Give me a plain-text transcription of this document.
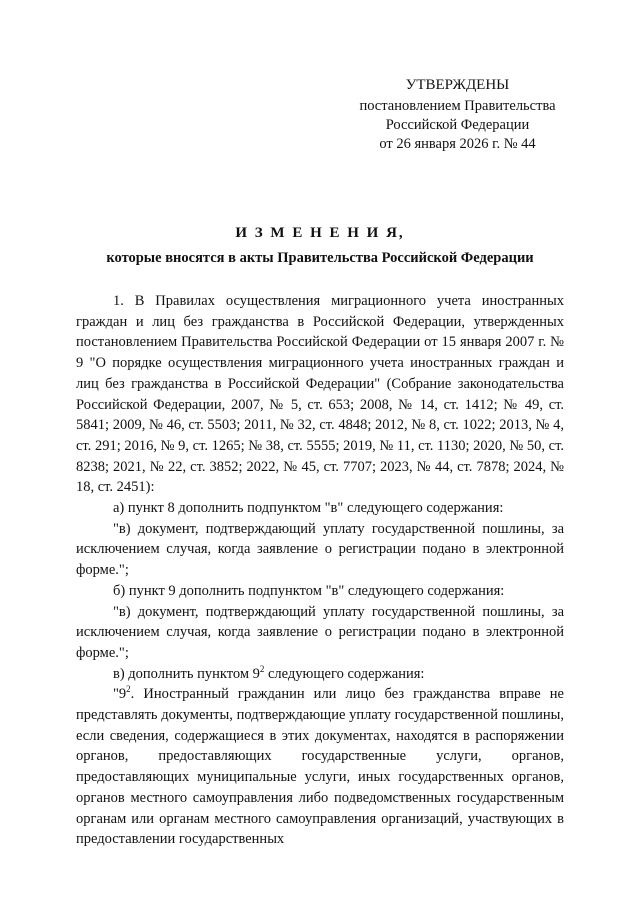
УТВЕРЖДЕНЫ
постановлением Правительства
Российской Федерации
от 26 января 2026 г. № 44
И З М Е Н Е Н И Я,
которые вносятся в акты Правительства Российской Федерации

1. В Правилах осуществления миграционного учета иностранных граждан и лиц без гражданства в Российской Федерации, утвержденных постановлением Правительства Российской Федерации от 15 января 2007 г. № 9 "О порядке осуществления миграционного учета иностранных граждан и лиц без гражданства в Российской Федерации" (Собрание законодательства Российской Федерации, 2007, № 5, ст. 653; 2008, № 14, ст. 1412; № 49, ст. 5841; 2009, № 46, ст. 5503; 2011, № 32, ст. 4848; 2012, № 8, ст. 1022; 2013, № 4, ст. 291; 2016, № 9, ст. 1265; № 38, ст. 5555; 2019, № 11, ст. 1130; 2020, № 50, ст. 8238; 2021, № 22, ст. 3852; 2022, № 45, ст. 7707; 2023, № 44, ст. 7878; 2024, № 18, ст. 2451):

а) пункт 8 дополнить подпунктом "в" следующего содержания:

"в) документ, подтверждающий уплату государственной пошлины, за исключением случая, когда заявление о регистрации подано в электронной форме.";

б) пункт 9 дополнить подпунктом "в" следующего содержания:

"в) документ, подтверждающий уплату государственной пошлины, за исключением случая, когда заявление о регистрации подано в электронной форме.";

в) дополнить пунктом $9^2$ следующего содержания:

"$9^2$. Иностранный гражданин или лицо без гражданства вправе не представлять документы, подтверждающие уплату государственной пошлины, если сведения, содержащиеся в этих документах, находятся в распоряжении органов, предоставляющих государственные услуги, органов, предоставляющих муниципальные услуги, иных государственных органов, органов местного самоуправления либо подведомственных государственным органам или органам местного самоуправления организаций, участвующих в предоставлении государственных
